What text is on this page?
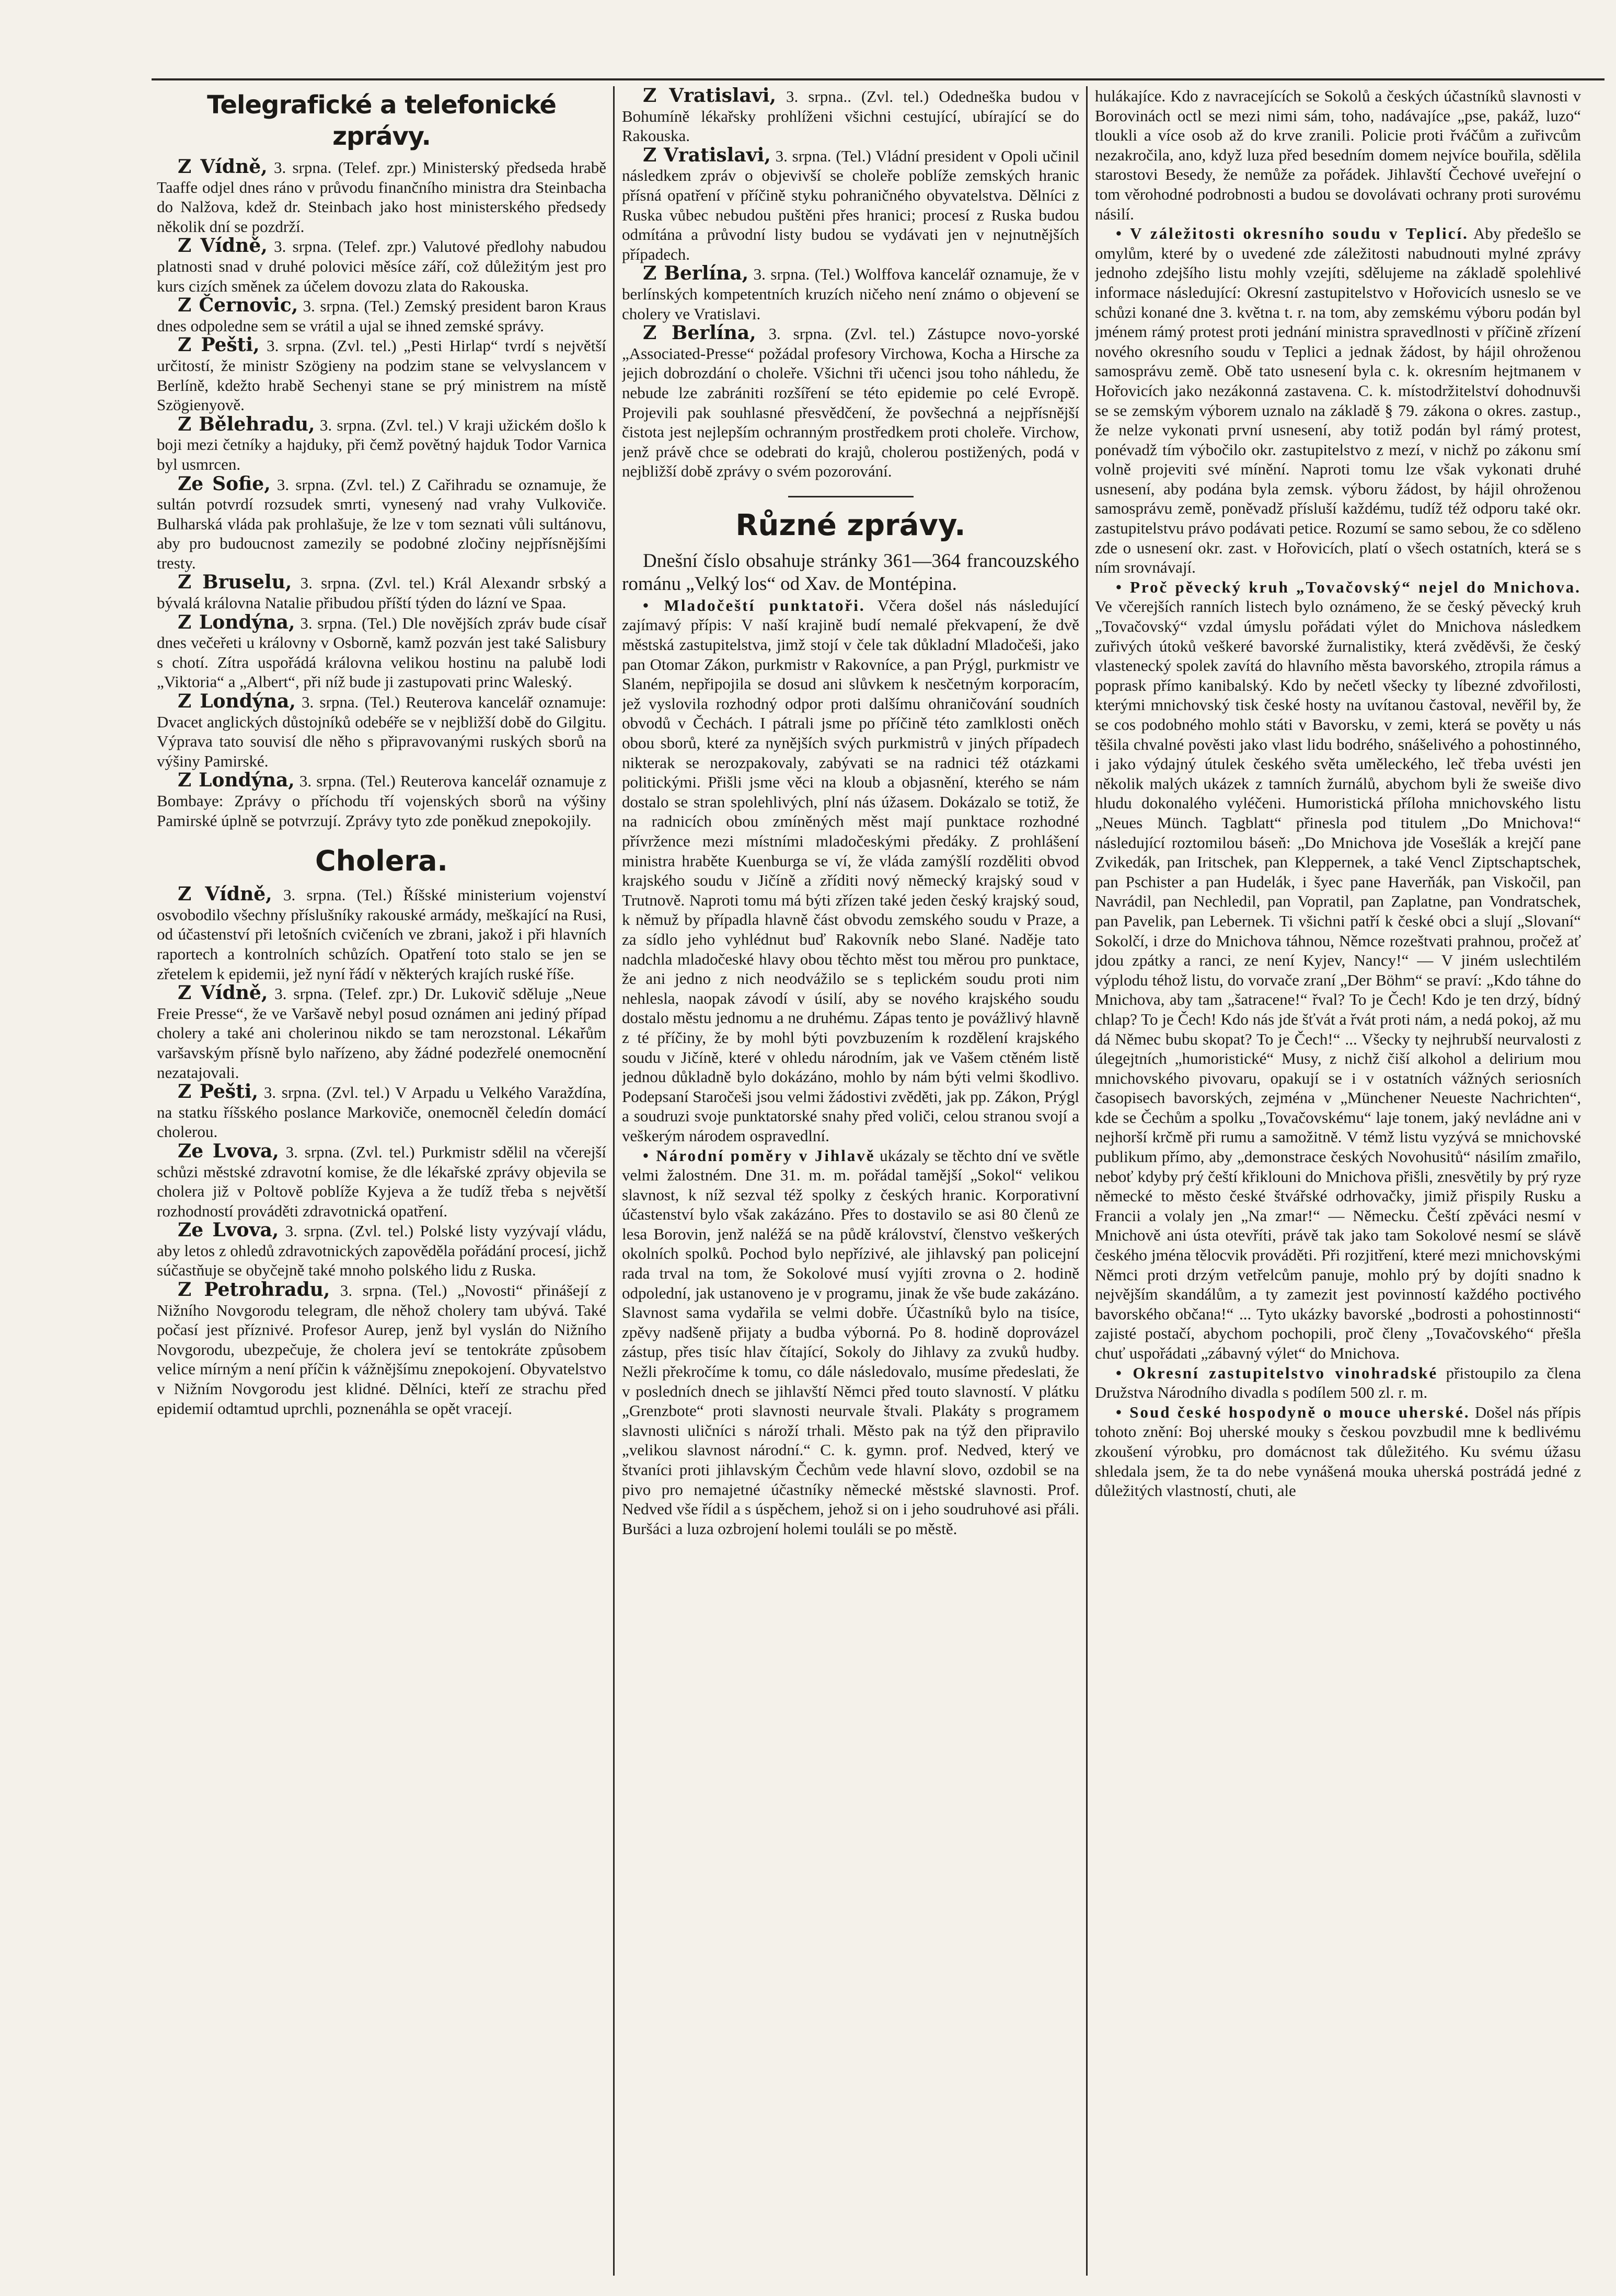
Telegrafické a telefonické zprávy.

Z Vídně, 3. srpna. (Telef. zpr.) Ministerský předseda hrabě Taaffe odjel dnes ráno v průvodu finančního ministra dra Steinbacha do Nalžova, kdež dr. Steinbach jako host ministerského předsedy několik dní se pozdrží.

Z Vídně, 3. srpna. (Telef. zpr.) Valutové předlohy nabudou platnosti snad v druhé polovici měsíce září, což důležitým jest pro kurs cizích směnek za účelem dovozu zlata do Rakouska.

Z Černovic, 3. srpna. (Tel.) Zemský president baron Kraus dnes odpoledne sem se vrátil a ujal se ihned zemské správy.

Z Pešti, 3. srpna. (Zvl. tel.) „Pesti Hirlap“ tvrdí s největší určitostí, že ministr Szögieny na podzim stane se velvyslancem v Berlíně, kdežto hrabě Sechenyi stane se prý ministrem na místě Szögienyově.

Z Bělehradu, 3. srpna. (Zvl. tel.) V kraji užickém došlo k boji mezi četníky a hajduky, při čemž povětný hajduk Todor Varnica byl usmrcen.

Ze Sofie, 3. srpna. (Zvl. tel.) Z Cařihradu se oznamuje, že sultán potvrdí rozsudek smrti, vynesený nad vrahy Vulkoviče. Bulharská vláda pak prohlašuje, že lze v tom seznati vůli sultánovu, aby pro budoucnost zamezily se podobné zločiny nejpřísnějšími tresty.

Z Bruselu, 3. srpna. (Zvl. tel.) Král Alexandr srbský a bývalá královna Natalie přibudou příští týden do lázní ve Spaa.

Z Londýna, 3. srpna. (Tel.) Dle novějších zpráv bude císař dnes večeřeti u královny v Osborně, kamž pozván jest také Salisbury s chotí. Zítra uspořádá královna velikou hostinu na palubě lodi „Viktoria“ a „Albert“, při níž bude ji zastupovati princ Waleský.

Z Londýna, 3. srpna. (Tel.) Reuterova kancelář oznamuje: Dvacet anglických důstojníků odebéře se v nejbližší době do Gilgitu. Výprava tato souvisí dle něho s připravovanými ruských sborů na výšiny Pamirské.

Z Londýna, 3. srpna. (Tel.) Reuterova kancelář oznamuje z Bombaye: Zprávy o příchodu tří vojenských sborů na výšiny Pamirské úplně se potvrzují. Zprávy tyto zde poněkud znepokojily.

Cholera.

Z Vídně, 3. srpna. (Tel.) Říšské ministerium vojenství osvobodilo všechny příslušníky rakouské armády, meškající na Rusi, od účastenství při letošních cvičeních ve zbrani, jakož i při hlavních raportech a kontrolních schůzích. Opatření toto stalo se jen se zřetelem k epidemii, jež nyní řádí v některých krajích ruské říše.

Z Vídně, 3. srpna. (Telef. zpr.) Dr. Lukovič sděluje „Neue Freie Presse“, že ve Varšavě nebyl posud oznámen ani jediný případ cholery a také ani cholerinou nikdo se tam nerozstonal. Lékařům varšavským přísně bylo nařízeno, aby žádné podezřelé onemocnění nezatajovali.

Z Pešti, 3. srpna. (Zvl. tel.) V Arpadu u Velkého Varaždína, na statku říšského poslance Markoviče, onemocněl čeledín domácí cholerou.

Ze Lvova, 3. srpna. (Zvl. tel.) Purkmistr sdělil na včerejší schůzi městské zdravotní komise, že dle lékařské zprávy objevila se cholera již v Poltově poblíže Kyjeva a že tudíž třeba s největší rozhodností prováděti zdravotnická opatření.

Ze Lvova, 3. srpna. (Zvl. tel.) Polské listy vyzývají vládu, aby letos z ohledů zdravotnických zapověděla pořádání procesí, jichž súčastňuje se obyčejně také mnoho polského lidu z Ruska.

Z Petrohradu, 3. srpna. (Tel.) „Novosti“ přinášejí z Nižního Novgorodu telegram, dle něhož cholery tam ubývá. Také počasí jest příznivé. Profesor Aurep, jenž byl vyslán do Nižního Novgorodu, ubezpečuje, že cholera jeví se tentokráte způsobem velice mírným a není příčin k vážnějšímu znepokojení. Obyvatelstvo v Nižním Novgorodu jest klidné. Dělníci, kteří ze strachu před epidemií odtamtud uprchli, poznenáhla se opět vracejí.

Z Vratislavi, 3. srpna.. (Zvl. tel.) Odedneška budou v Bohumíně lékařsky prohlíženi všichni cestující, ubírající se do Rakouska.

Z Vratislavi, 3. srpna. (Tel.) Vládní president v Opoli učinil následkem zpráv o objevivší se choleře poblíže zemských hranic přísná opatření v příčině styku pohraničného obyvatelstva. Dělníci z Ruska vůbec nebudou puštěni přes hranici; procesí z Ruska budou odmítána a průvodní listy budou se vydávati jen v nejnutnějších případech.

Z Berlína, 3. srpna. (Tel.) Wolffova kancelář oznamuje, že v berlínských kompetentních kruzích ničeho není známo o objevení se cholery ve Vratislavi.

Z Berlína, 3. srpna. (Zvl. tel.) Zástupce novo-yorské „Associated-Presse“ požádal profesory Virchowa, Kocha a Hirsche za jejich dobrozdání o choleře. Všichni tři učenci jsou toho náhledu, že nebude lze zabrániti rozšíření se této epidemie po celé Evropě. Projevili pak souhlasné přesvědčení, že povšechná a nejpřísnější čistota jest nejlepším ochranným prostředkem proti choleře. Virchow, jenž právě chce se odebrati do krajů, cholerou postižených, podá v nejbližší době zprávy o svém pozorování.

Různé zprávy.

Dnešní číslo obsahuje stránky 361—364 francouzského románu „Velký los“ od Xav. de Montépina.

• Mladočeští punktatoři. Včera došel nás následující zajímavý přípis: V naší krajině budí nemalé překvapení, že dvě městská zastupitelstva, jimž stojí v čele tak důkladní Mladočeši, jako pan Otomar Zákon, purkmistr v Rakovníce, a pan Prýgl, purkmistr ve Slaném, nepřipojila se dosud ani slůvkem k nesčetným korporacím, jež vyslovila rozhodný odpor proti dalšímu ohraničování soudních obvodů v Čechách. I pátrali jsme po příčině této zamlklosti oněch obou sborů, které za nynějších svých purkmistrů v jiných případech nikterak se nerozpakovaly, zabývati se na radnici též otázkami politickými. Přišli jsme věci na kloub a objasnění, kterého se nám dostalo se stran spolehlivých, plní nás úžasem. Dokázalo se totiž, že na radnicích obou zmíněných měst mají punktace rozhodné přívržence mezi místními mladočeskými předáky. Z prohlášení ministra hraběte Kuenburga se ví, že vláda zamýšlí rozděliti obvod krajského soudu v Jičíně a zříditi nový německý krajský soud v Trutnově. Naproti tomu má býti zřízen také jeden český krajský soud, k němuž by případla hlavně část obvodu zemského soudu v Praze, a za sídlo jeho vyhlédnut buď Rakovník nebo Slané. Naděje tato nadchla mladočeské hlavy obou těchto měst tou měrou pro punktace, že ani jedno z nich neodvážilo se s teplickém soudu proti nim nehlesla, naopak závodí v úsilí, aby se nového krajského soudu dostalo městu jednomu a ne druhému. Zápas tento je povážlivý hlavně z té příčiny, že by mohl býti povzbuzením k rozdělení krajského soudu v Jičíně, které v ohledu národním, jak ve Vašem ctěném listě jednou důkladně bylo dokázáno, mohlo by nám býti velmi škodlivo. Podepsaní Staročeši jsou velmi žádostivi zvěděti, jak pp. Zákon, Prýgl a soudruzi svoje punktatorské snahy před voliči, celou stranou svojí a veškerým národem ospravedlní.

• Národní poměry v Jihlavě ukázaly se těchto dní ve světle velmi žalostném. Dne 31. m. m. pořádal tamější „Sokol“ velikou slavnost, k níž sezval též spolky z českých hranic. Korporativní účastenství bylo však zakázáno. Přes to dostavilo se asi 80 členů ze lesa Borovin, jenž naléžá se na půdě království, členstvo veškerých okolních spolků. Pochod bylo nepřízivé, ale jihlavský pan policejní rada trval na tom, že Sokolové musí vyjíti zrovna o 2. hodině odpolední, jak ustanoveno je v programu, jinak že vše bude zakázáno. Slavnost sama vydařila se velmi dobře. Účastníků bylo na tisíce, zpěvy nadšeně přijaty a budba výborná. Po 8. hodině doprovázel zástup, přes tisíc hlav čítající, Sokoly do Jihlavy za zvuků hudby. Nežli překročíme k tomu, co dále následovalo, musíme předeslati, že v posledních dnech se jihlavští Němci před touto slavností. V plátku „Grenzbote“ proti slavnosti neurvale štvali. Plakáty s programem slavnosti uličníci s nároží trhali. Město pak na týž den připravilo „velikou slavnost národní.“ C. k. gymn. prof. Nedved, který ve štvaníci proti jihlavským Čechům vede hlavní slovo, ozdobil se na pivo pro nemajetné účastníky německé městské slavnosti. Prof. Nedved vše řídil a s úspěchem, jehož si on i jeho soudruhové asi přáli. Buršáci a luza ozbrojení holemi touláli se po městě.

hulákajíce. Kdo z navracejících se Sokolů a českých účastníků slavnosti v Borovinách octl se mezi nimi sám, toho, nadávajíce „pse, pakáž, luzo“ tloukli a více osob až do krve zranili. Policie proti řváčům a zuřivcům nezakročila, ano, když luza před besedním domem nejvíce bouřila, sdělila starostovi Besedy, že nemůže za pořádek. Jihlavští Čechové uveřejní o tom věrohodné podrobnosti a budou se dovolávati ochrany proti surovému násilí.

• V záležitosti okresního soudu v Teplicí. Aby předešlo se omylům, které by o uvedené zde záležitosti nabudnouti mylné zprávy jednoho zdejšího listu mohly vzejíti, sdělujeme na základě spolehlivé informace následující: Okresní zastupitelstvo v Hořovicích usneslo se ve schůzi konané dne 3. května t. r. na tom, aby zemskému výboru podán byl jménem rámý protest proti jednání ministra spravedlnosti v příčině zřízení nového okresního soudu v Teplici a jednak žádost, by hájil ohroženou samosprávu země. Obě tato usnesení byla c. k. okresním hejtmanem v Hořovicích jako nezákonná zastavena. C. k. místodržitelství dohodnuvši se se zemským výborem uznalo na základě § 79. zákona o okres. zastup., že nelze vykonati první usnesení, aby totiž podán byl rámý protest, ponévadž tím výbočilo okr. zastupitelstvo z mezí, v nichž po zákonu smí volně projeviti své mínění. Naproti tomu lze však vykonati druhé usnesení, aby podána byla zemsk. výboru žádost, by hájil ohroženou samosprávu země, poněvadž přísluší každému, tudíž též odporu také okr. zastupitelstvu právo podávati petice. Rozumí se samo sebou, že co sděleno zde o usnesení okr. zast. v Hořovicích, platí o všech ostatních, která se s ním srovnávají.

• Proč pěvecký kruh „Tovačovský“ nejel do Mnichova. Ve včerejších ranních listech bylo oznámeno, že se český pěvecký kruh „Tovačovský“ vzdal úmyslu pořádati výlet do Mnichova následkem zuřivých útoků veškeré bavorské žurnalistiky, která zvěděvši, že český vlastenecký spolek zavítá do hlavního města bavorského, ztropila rámus a poprask přímo kanibalský. Kdo by nečetl všecky ty líbezné zdvořilosti, kterými mnichovský tisk české hosty na uvítanou častoval, nevěřil by, že se cos podobného mohlo státi v Bavorsku, v zemi, která se pověty u nás těšila chvalné pověsti jako vlast lidu bodrého, snášelivého a pohostinného, i jako výdajný útulek českého světa uměleckého, leč třeba uvésti jen několik malých ukázek z tamních žurnálů, abychom byli že sweiše divo hludu dokonalého vyléčeni. Humoristická příloha mnichovského listu „Neues Münch. Tagblatt“ přinesla pod titulem „Do Mnichova!“ následující roztomilou báseň: „Do Mnichova jde Vosešlák a krejčí pane Zvikedák, pan Iritschek, pan Kleppernek, a také Vencl Ziptschaptschek, pan Pschister a pan Hudelák, i šyec pane Haverňák, pan Viskočil, pan Navrádil, pan Nechledil, pan Vopratil, pan Zaplatne, pan Vondratschek, pan Pavelik, pan Lebernek. Ti všichni patří k české obci a slují „Slovaní“ Sokolčí, i drze do Mnichova táhnou, Němce rozeštvati prahnou, pročež ať jdou zpátky a ranci, ze není Kyjev, Nancy!“ — V jiném uslechtilém výplodu téhož listu, do vorvače zraní „Der Böhm“ se praví: „Kdo táhne do Mnichova, aby tam „šatracene!“ řval? To je Čech! Kdo je ten drzý, bídný chlap? To je Čech! Kdo nás jde šťvát a řvát proti nám, a nedá pokoj, až mu dá Němec bubu skopat? To je Čech!“ ... Všecky ty nejhrubší neurvalosti z úlegejtních „humoristické“ Musy, z nichž čiší alkohol a delirium mou mnichovského pivovaru, opakují se i v ostatních vážných seriosních časopisech bavorských, zejména v „Münchener Neueste Nachrichten“, kde se Čechům a spolku „Tovačovskému“ laje tonem, jaký nevládne ani v nejhorší krčmě při rumu a samožitně. V témž listu vyzývá se mnichovské publikum přímo, aby „demonstrace českých Novohusitů“ násilím zmařilo, neboť kdyby prý čeští křiklouni do Mnichova přišli, znesvětily by prý ryze německé to město české štvářské odrhovačky, jimiž přispily Rusku a Francii a volaly jen „Na zmar!“ — Německu. Čeští zpěváci nesmí v Mnichově ani ústa otevříti, právě tak jako tam Sokolové nesmí se slávě českého jména tělocvik prováděti. Při rozjitření, které mezi mnichovskými Němci proti drzým vetřelcům panuje, mohlo prý by dojíti snadno k nejvějším skandálům, a ty zamezit jest povinností každého poctivého bavorského občana!“ ... Tyto ukázky bavorské „bodrosti a pohostinnosti“ zajisté postačí, abychom pochopili, proč členy „Tovačovského“ přešla chuť uspořádati „zábavný výlet“ do Mnichova.

• Okresní zastupitelstvo vinohradské přistoupilo za člena Družstva Národního divadla s podílem 500 zl. r. m.

• Soud české hospodyně o mouce uherské. Došel nás přípis tohoto znění: Boj uherské mouky s českou povzbudil mne k bedlivému zkoušení výrobku, pro domácnost tak důležitého. Ku svému úžasu shledala jsem, že ta do nebe vynášená mouka uherská postrádá jedné z důležitých vlastností, chuti, ale
